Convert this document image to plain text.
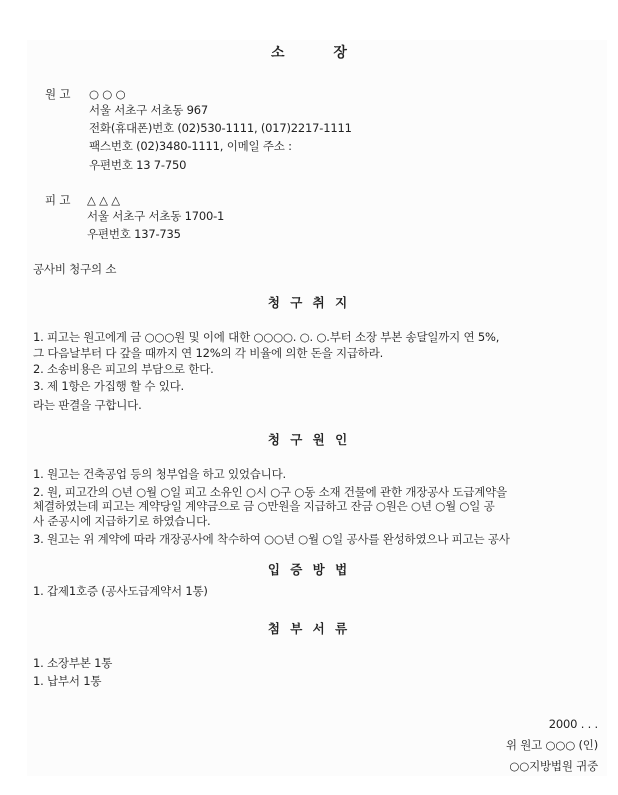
소 장
원 고 ○ ○ ○
서울 서초구 서초동 967
전화(휴대폰)번호 (02)530-1111, (017)2217-1111
팩스번호 (02)3480-1111, 이메일 주소 :
우편번호 13 7-750
피 고 △ △ △
서울 서초구 서초동 1700-1
우편번호 137-735
공사비 청구의 소
청 구 취 지
1. 피고는 원고에게 금 ○○○원 및 이에 대한 ○○○○. ○. ○.부터 소장 부본 송달일까지 연 5%,
그 다음날부터 다 갚을 때까지 연 12%의 각 비율에 의한 돈을 지급하라.
2. 소송비용은 피고의 부담으로 한다.
3. 제 1항은 가집행 할 수 있다.
라는 판결을 구합니다.
청 구 원 인
1. 원고는 건축공업 등의 청부업을 하고 있었습니다.
2. 원, 피고간의 ○년 ○월 ○일 피고 소유인 ○시 ○구 ○동 소재 건물에 관한 개장공사 도급계약을
체결하였는데 피고는 계약당일 계약금으로 금 ○만원을 지급하고 잔금 ○원은 ○년 ○월 ○일 공
사 준공시에 지급하기로 하였습니다.
3. 원고는 위 계약에 따라 개장공사에 착수하여 ○○년 ○월 ○일 공사를 완성하였으나 피고는 공사
입 증 방 법
1. 갑제1호증 (공사도급계약서 1통)
첨 부 서 류
1. 소장부본 1통
1. 납부서 1통
2000 . . .
위 원고 ○○○ (인)
○○지방법원 귀중
